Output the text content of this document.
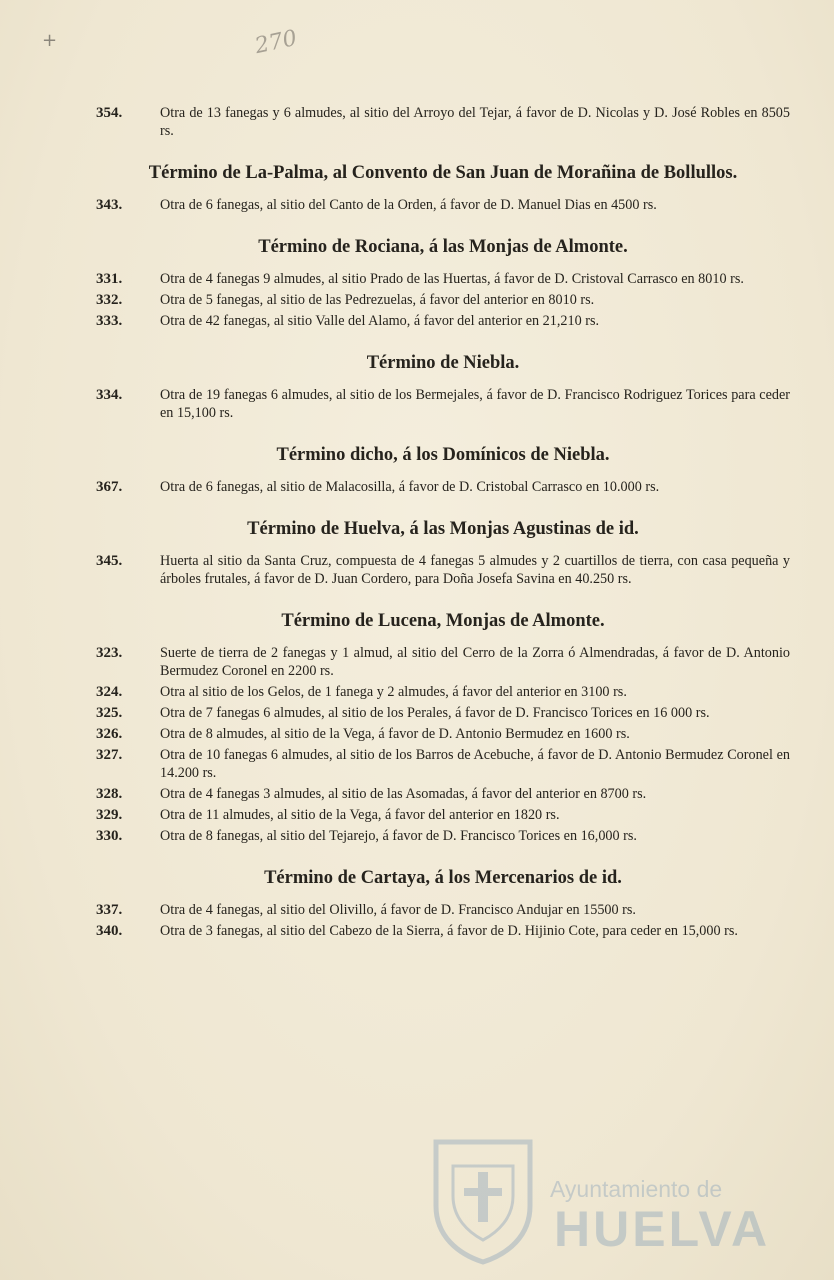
+	270
354.	Otra de 13 fanegas y 6 almudes, al sitio del Arroyo del Tejar, á favor de D. Nicolas y D. José Robles en 8505 rs.
Término de La-Palma, al Convento de San Juan de Morañina de Bollullos.
343.	Otra de 6 fanegas, al sitio del Canto de la Orden, á favor de D. Manuel Dias en 4500 rs.
Término de Rociana, á las Monjas de Almonte.
331.	Otra de 4 fanegas 9 almudes, al sitio Prado de las Huertas, á favor de D. Cristoval Carrasco en 8010 rs.
332.	Otra de 5 fanegas, al sitio de las Pedrezuelas, á favor del anterior en 8010 rs.
333.	Otra de 42 fanegas, al sitio Valle del Alamo, á favor del anterior en 21,210 rs.
Término de Niebla.
334.	Otra de 19 fanegas 6 almudes, al sitio de los Bermejales, á favor de D. Francisco Rodriguez Torices para ceder en 15,100 rs.
Término dicho, á los Domínicos de Niebla.
367.	Otra de 6 fanegas, al sitio de Malacosilla, á favor de D. Cristobal Carrasco en 10.000 rs.
Término de Huelva, á las Monjas Agustinas de id.
345.	Huerta al sitio da Santa Cruz, compuesta de 4 fanegas 5 almudes y 2 cuartillos de tierra, con casa pequeña y árboles frutales, á favor de D. Juan Cordero, para Doña Josefa Savina en 40.250 rs.
Término de Lucena, Monjas de Almonte.
323.	Suerte de tierra de 2 fanegas y 1 almud, al sitio del Cerro de la Zorra ó Almendradas, á favor de D. Antonio Bermudez Coronel en 2200 rs.
324.	Otra al sitio de los Gelos, de 1 fanega y 2 almudes, á favor del anterior en 3100 rs.
325.	Otra de 7 fanegas 6 almudes, al sitio de los Perales, á favor de D. Francisco Torices en 16 000 rs.
326.	Otra de 8 almudes, al sitio de la Vega, á favor de D. Antonio Bermudez en 1600 rs.
327.	Otra de 10 fanegas 6 almudes, al sitio de los Barros de Acebuche, á favor de D. Antonio Bermudez Coronel en 14.200 rs.
328.	Otra de 4 fanegas 3 almudes, al sitio de las Asomadas, á favor del anterior en 8700 rs.
329.	Otra de 11 almudes, al sitio de la Vega, á favor del anterior en 1820 rs.
330.	Otra de 8 fanegas, al sitio del Tejarejo, á favor de D. Francisco Torices en 16,000 rs.
Término de Cartaya, á los Mercenarios de id.
337.	Otra de 4 fanegas, al sitio del Olivillo, á favor de D. Francisco Andujar en 15500 rs.
340.	Otra de 3 fanegas, al sitio del Cabezo de la Sierra, á favor de D. Hijinio Cote, para ceder en 15,000 rs.
Ayuntamiento de
HUELVA
